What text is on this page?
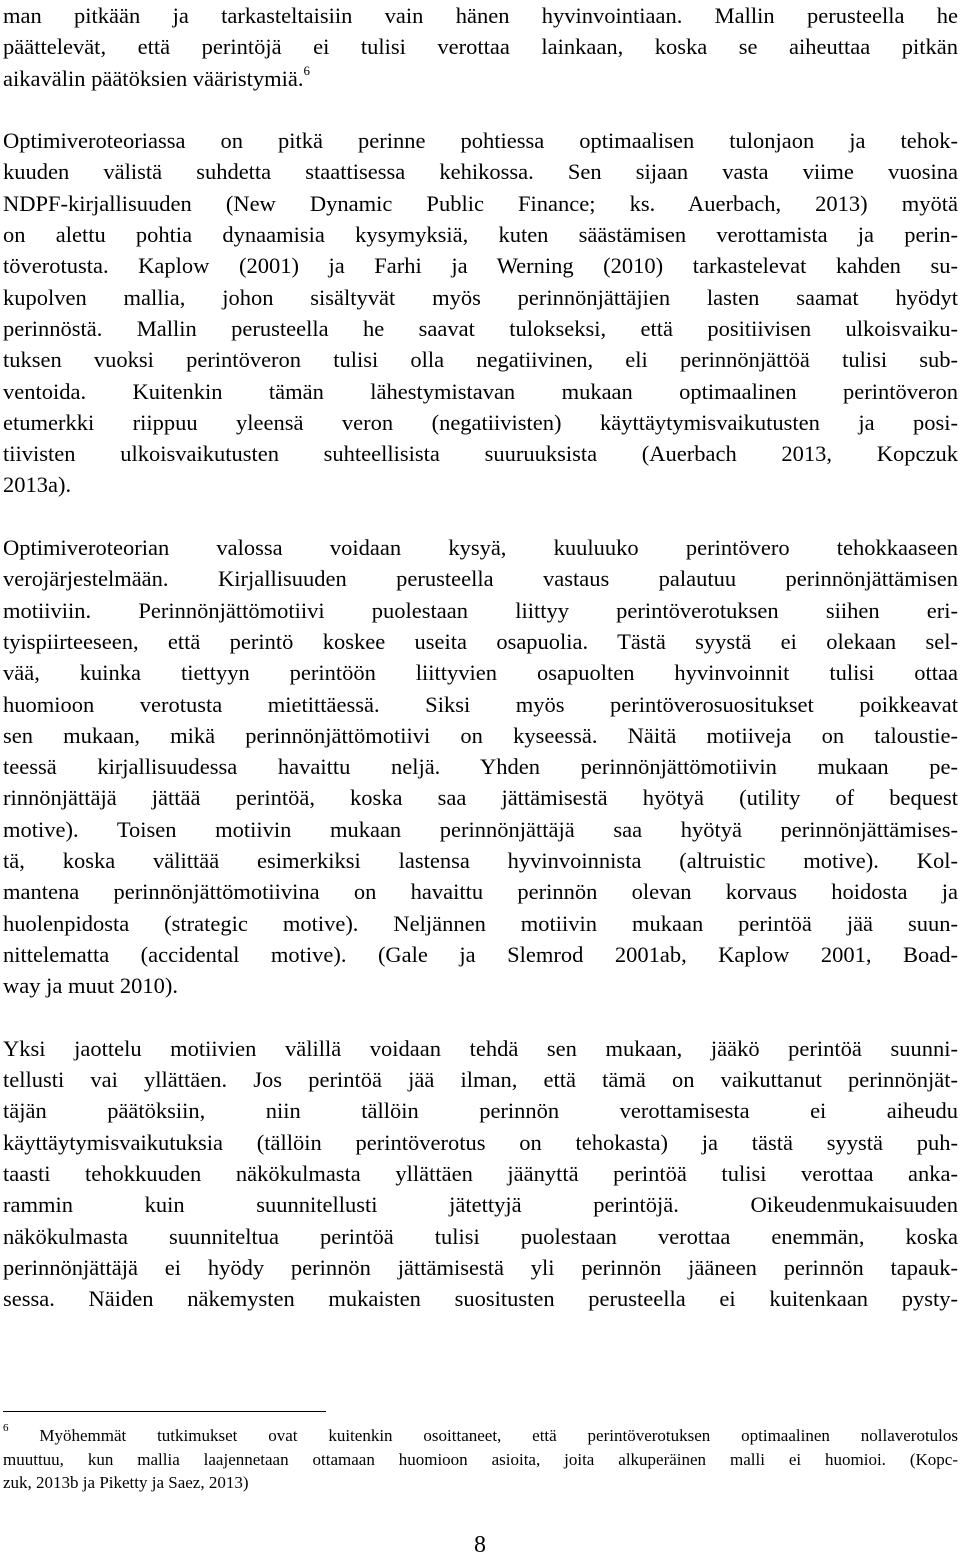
man pitkään ja tarkasteltaisiin vain hänen hyvinvointiaan. Mallin perusteella he
päättelevät, että perintöjä ei tulisi verottaa lainkaan, koska se aiheuttaa pitkän
aikavälin päätöksien vääristymiä.$^6$
Optimiveroteoriassa on pitkä perinne pohtiessa optimaalisen tulonjaon ja tehok-
kuuden välistä suhdetta staattisessa kehikossa. Sen sijaan vasta viime vuosina
NDPF-kirjallisuuden (New Dynamic Public Finance; ks. Auerbach, 2013) myötä
on alettu pohtia dynaamisia kysymyksiä, kuten säästämisen verottamista ja perin-
töverotusta. Kaplow (2001) ja Farhi ja Werning (2010) tarkastelevat kahden su-
kupolven mallia, johon sisältyvät myös perinnönjättäjien lasten saamat hyödyt
perinnöstä. Mallin perusteella he saavat tulokseksi, että positiivisen ulkoisvaiku-
tuksen vuoksi perintöveron tulisi olla negatiivinen, eli perinnönjättöä tulisi sub-
ventoida. Kuitenkin tämän lähestymistavan mukaan optimaalinen perintöveron
etumerkki riippuu yleensä veron (negatiivisten) käyttäytymisvaikutusten ja posi-
tiivisten ulkoisvaikutusten suhteellisista suuruuksista (Auerbach 2013, Kopczuk
2013a).
Optimiveroteorian valossa voidaan kysyä, kuuluuko perintövero tehokkaaseen
verojärjestelmään. Kirjallisuuden perusteella vastaus palautuu perinnönjättämisen
motiiviin. Perinnönjättömotiivi puolestaan liittyy perintöverotuksen siihen eri-
tyispiirteeseen, että perintö koskee useita osapuolia. Tästä syystä ei olekaan sel-
vää, kuinka tiettyyn perintöön liittyvien osapuolten hyvinvoinnit tulisi ottaa
huomioon verotusta mietittäessä. Siksi myös perintöverosuositukset poikkeavat
sen mukaan, mikä perinnönjättömotiivi on kyseessä. Näitä motiiveja on taloustie-
teessä kirjallisuudessa havaittu neljä. Yhden perinnönjättömotiivin mukaan pe-
rinnönjättäjä jättää perintöä, koska saa jättämisestä hyötyä (utility of bequest
motive). Toisen motiivin mukaan perinnönjättäjä saa hyötyä perinnönjättämises-
tä, koska välittää esimerkiksi lastensa hyvinvoinnista (altruistic motive). Kol-
mantena perinnönjättömotiivina on havaittu perinnön olevan korvaus hoidosta ja
huolenpidosta (strategic motive). Neljännen motiivin mukaan perintöä jää suun-
nittelematta (accidental motive). (Gale ja Slemrod 2001ab, Kaplow 2001, Boad-
way ja muut 2010).
Yksi jaottelu motiivien välillä voidaan tehdä sen mukaan, jääkö perintöä suunni-
tellusti vai yllättäen. Jos perintöä jää ilman, että tämä on vaikuttanut perinnönjät-
täjän päätöksiin, niin tällöin perinnön verottamisesta ei aiheudu
käyttäytymisvaikutuksia (tällöin perintöverotus on tehokasta) ja tästä syystä puh-
taasti tehokkuuden näkökulmasta yllättäen jäänyttä perintöä tulisi verottaa anka-
rammin kuin suunnitellusti jätettyjä perintöjä. Oikeudenmukaisuuden
näkökulmasta suunniteltua perintöä tulisi puolestaan verottaa enemmän, koska
perinnönjättäjä ei hyödy perinnön jättämisestä yli perinnön jääneen perinnön tapauk-
sessa. Näiden näkemysten mukaisten suositusten perusteella ei kuitenkaan pysty-
$^6$ Myöhemmät tutkimukset ovat kuitenkin osoittaneet, että perintöverotuksen optimaalinen nollaverotulos
muuttuu, kun mallia laajennetaan ottamaan huomioon asioita, joita alkuperäinen malli ei huomioi. (Kopc-
zuk, 2013b ja Piketty ja Saez, 2013)
8
